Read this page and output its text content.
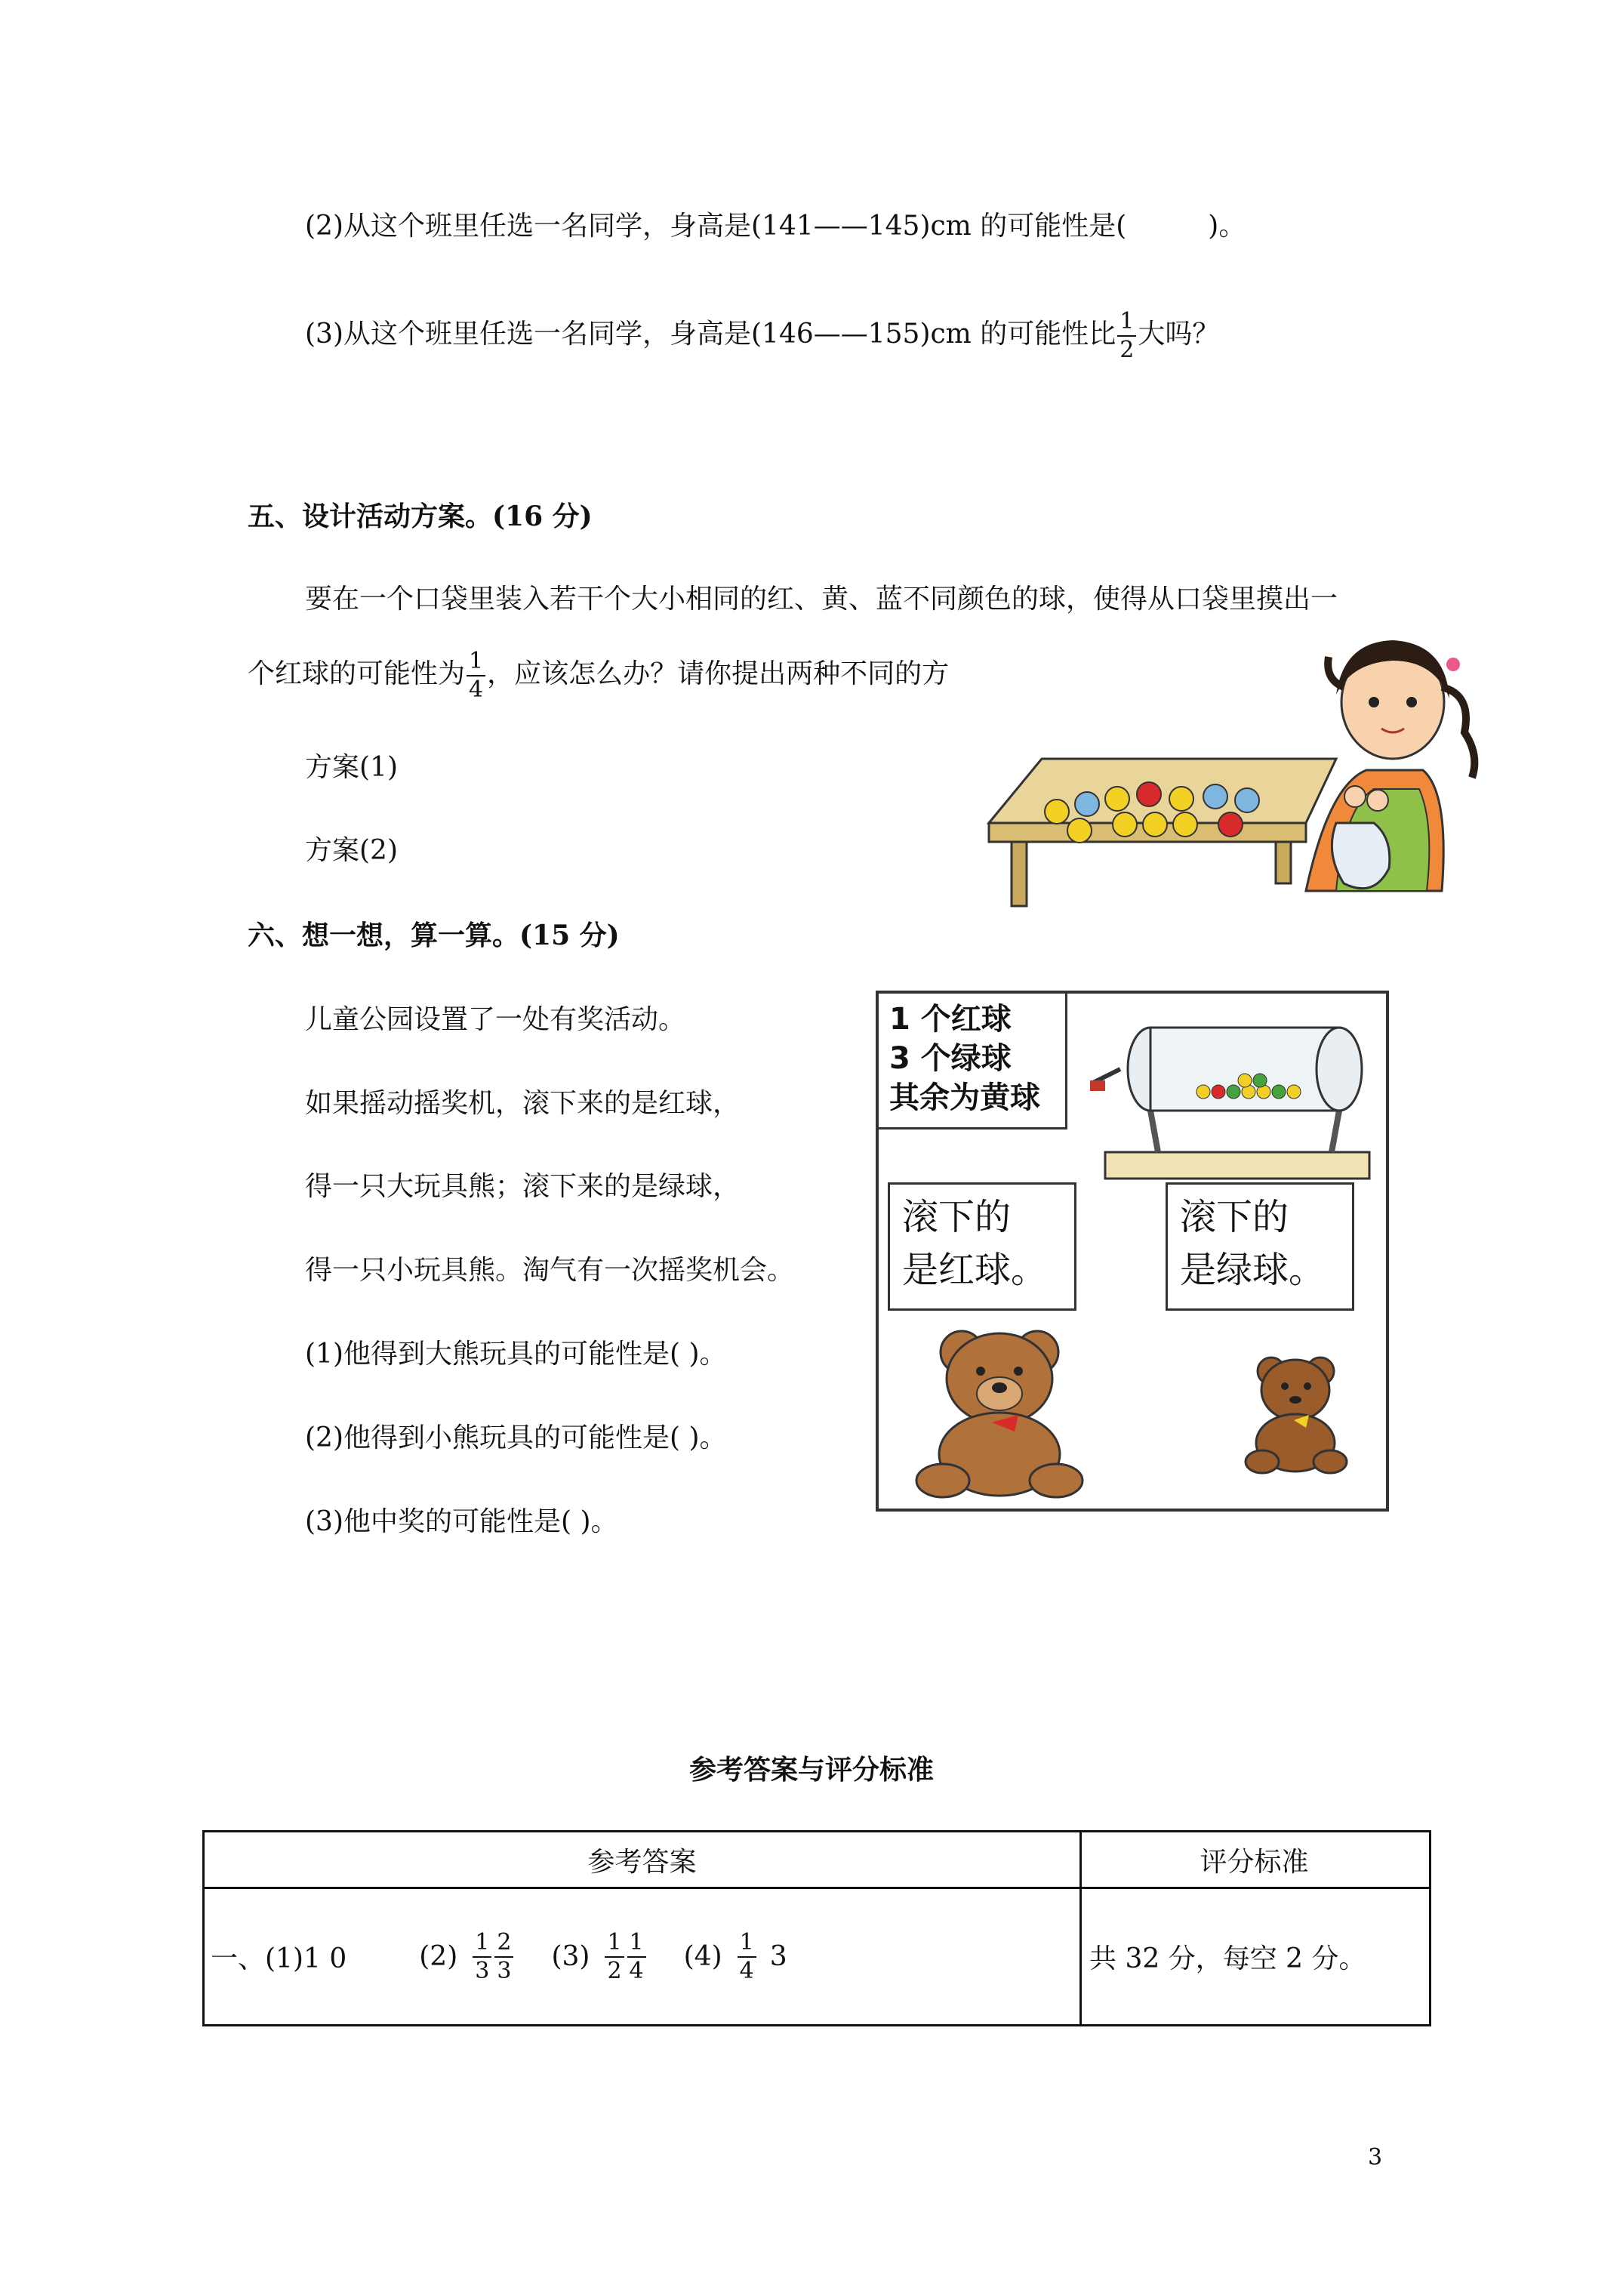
(2)从这个班里任选一名同学，身高是(141——145)cm 的可能性是(　　　)。
(3)从这个班里任选一名同学，身高是(146——155)cm 的可能性比 $\frac{1}{2}$ 大吗？
五、设计活动方案。(16 分)
要在一个口袋里装入若干个大小相同的红、黄、蓝不同颜色的球，使得从口袋里摸出一
个红球的可能性为 $\frac{1}{4}$ ，应该怎么办？请你提出两种不同的方
方案(1)
方案(2)
六、想一想，算一算。(15 分)
儿童公园设置了一处有奖活动。
如果摇动摇奖机，滚下来的是红球，
得一只大玩具熊；滚下来的是绿球，
得一只小玩具熊。淘气有一次摇奖机会。
(1)他得到大熊玩具的可能性是( )。
(2)他得到小熊玩具的可能性是( )。
(3)他中奖的可能性是( )。
1 个红球
3 个绿球
其余为黄球
滚下的
是红球。
滚下的
是绿球。
参考答案与评分标准
参考答案	评分标准
一、(1)1 0	$(2) \frac{1}{3} \frac{2}{3} (3) \frac{1}{2} \frac{1}{4} (4) \frac{1}{4} 3$	共 32 分，每空 2 分。
3
